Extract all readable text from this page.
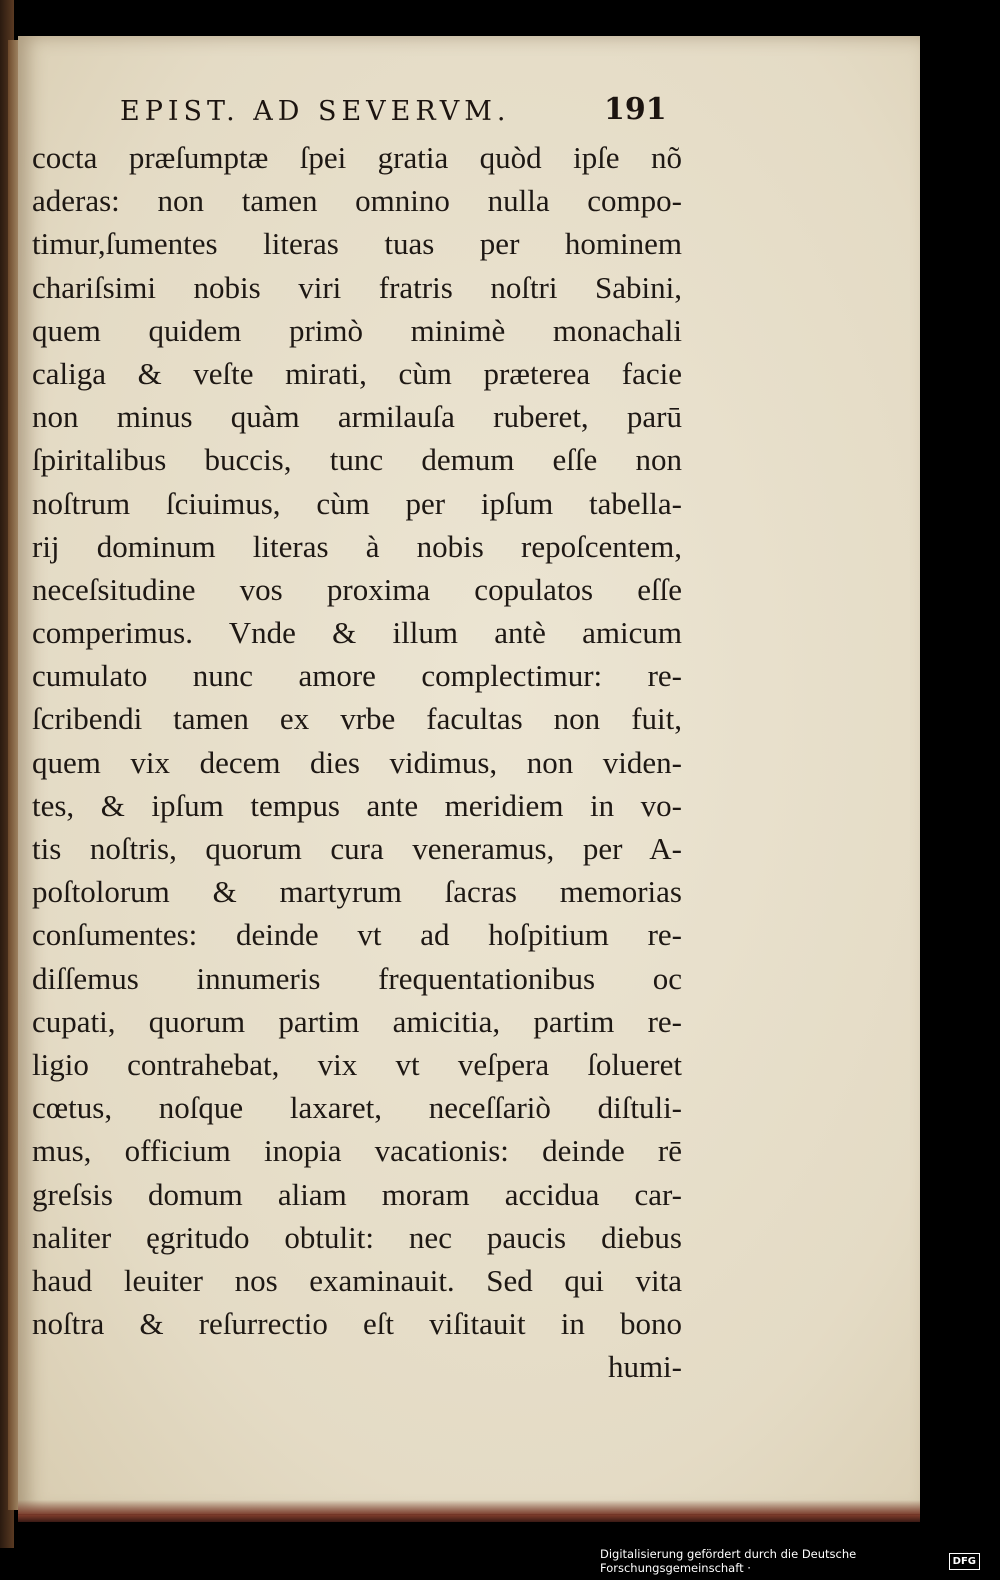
EPIST. AD SEVERVM.	191
cocta præſumptæ ſpei gratia quòd ipſe nõ
aderas: non tamen omnino nulla compo-
timur,ſumentes literas tuas per hominem
chariſsimi nobis viri fratris noſtri Sabini,
quem quidem primò minimè monachali
caliga & veſte mirati, cùm præterea facie
non minus quàm armilauſa ruberet, parū
ſpiritalibus buccis, tunc demum eſſe non
noſtrum ſciuimus, cùm per ipſum tabella-
rij dominum literas à nobis repoſcentem,
neceſsitudine vos proxima copulatos eſſe
comperimus. Vnde & illum antè amicum
cumulato nunc amore complectimur: re-
ſcribendi tamen ex vrbe facultas non fuit,
quem vix decem dies vidimus, non viden-
tes, & ipſum tempus ante meridiem in vo-
tis noſtris, quorum cura veneramus, per A-
poſtolorum & martyrum ſacras memorias
conſumentes: deinde vt ad hoſpitium re-
diſſemus innumeris frequentationibus oc
cupati, quorum partim amicitia, partim re-
ligio contrahebat, vix vt veſpera ſolueret
cœtus, noſque laxaret, neceſſariò diſtuli-
mus, officium inopia vacationis: deinde rē
greſsis domum aliam moram accidua car-
naliter ęgritudo obtulit: nec paucis diebus
haud leuiter nos examinauit. Sed qui vita
noſtra & reſurrectio eſt viſitauit in bono
humi-
Digitalisierung gefördert durch die Deutsche Forschungsgemeinschaft ·	DFG
